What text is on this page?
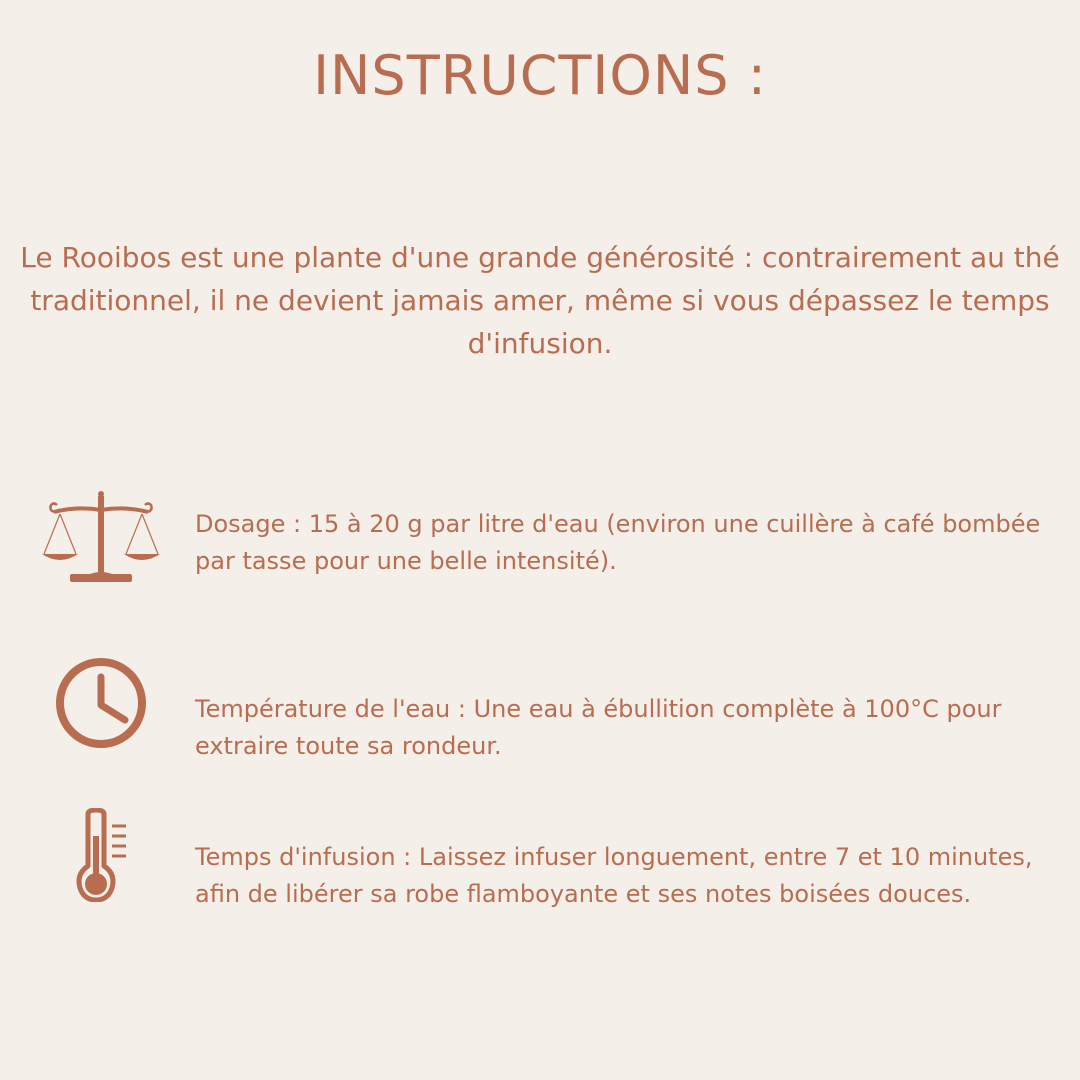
INSTRUCTIONS :

Le Rooibos est une plante d'une grande générosité : contrairement au thé traditionnel, il ne devient jamais amer, même si vous dépassez le temps d'infusion.

Dosage : 15 à 20 g par litre d'eau (environ une cuillère à café bombée par tasse pour une belle intensité).

Température de l'eau : Une eau à ébullition complète à 100°C pour extraire toute sa rondeur.

Temps d'infusion : Laissez infuser longuement, entre 7 et 10 minutes, afin de libérer sa robe flamboyante et ses notes boisées douces.
